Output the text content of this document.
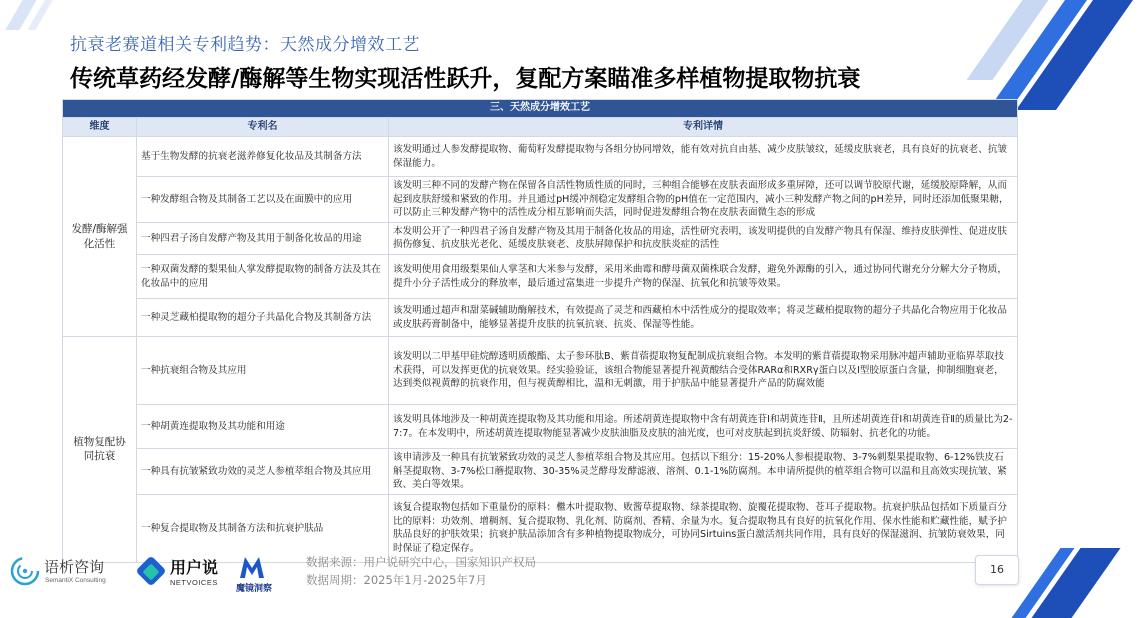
抗衰老赛道相关专利趋势：天然成分增效工艺
传统草药经发酵/酶解等生物实现活性跃升，复配方案瞄准多样植物提取物抗衰
三、天然成分增效工艺		
维度	专利名	专利详情
发酵/酶解强化活性	基于生物发酵的抗衰老滋养修复化妆品及其制备方法	该发明通过人参发酵提取物、葡萄籽发酵提取物与各组分协同增效，能有效对抗自由基、减少皮肤皱纹，延缓皮肤衰老，具有良好的抗衰老、抗皱保湿能力。
	一种发酵组合物及其制备工艺以及在面膜中的应用	该发明三种不同的发酵产物在保留各自活性物质性质的同时，三种组合能够在皮肤表面形成多重屏障，还可以调节胶原代谢，延缓胶原降解，从而起到皮肤舒缓和紧致的作用。并且通过pH缓冲剂稳定发酵组合物的pH值在一定范围内，减小三种发酵产物之间的pH差异，同时还添加低聚果糖，可以防止三种发酵产物中的活性成分相互影响而失活，同时促进发酵组合物在皮肤表面微生态的形成
	一种四君子汤自发酵产物及其用于制备化妆品的用途	本发明公开了一种四君子汤自发酵产物及其用于制备化妆品的用途，活性研究表明，该发明提供的自发酵产物具有保湿、维持皮肤弹性、促进皮肤损伤修复、抗皮肤光老化、延缓皮肤衰老、皮肤屏障保护和抗皮肤炎症的活性
	一种双菌发酵的梨果仙人掌发酵提取物的制备方法及其在化妆品中的应用	该发明使用食用级梨果仙人掌茎和大米参与发酵，采用米曲霉和酵母菌双菌株联合发酵，避免外源酶的引入，通过协同代谢充分分解大分子物质，提升小分子活性成分的释放率，最后通过富集进一步提升产物的保湿、抗氧化和抗皱等效果。
	一种灵芝藏柏提取物的超分子共晶化合物及其制备方法	该发明通过超声和甜菜碱辅助酶解技术，有效提高了灵芝和西藏柏木中活性成分的提取效率；将灵芝藏柏提取物的超分子共晶化合物应用于化妆品或皮肤药膏制备中，能够显著提升皮肤的抗氧抗衰、抗炎、保湿等性能。
植物复配协同抗衰	一种抗衰组合物及其应用	该发明以二甲基甲硅烷醇透明质酸酯、太子参环肽B、紫苜蓿提取物复配制成抗衰组合物。本发明的紫苜蓿提取物采用脉冲超声辅助亚临界萃取技术获得，可以发挥更优的抗衰效果。经实验验证，该组合物能显著提升视黄酸结合受体RARα和RXRγ蛋白以及Ⅰ型胶原蛋白含量，抑制细胞衰老，达到类似视黄醇的抗衰作用，但与视黄醇相比，温和无刺激，用于护肤品中能显著提升产品的防腐效能
	一种胡黄连提取物及其功能和用途	该发明具体地涉及一种胡黄连提取物及其功能和用途。所述胡黄连提取物中含有胡黄连苷Ⅰ和胡黄连苷Ⅱ，且所述胡黄连苷Ⅰ和胡黄连苷Ⅱ的质量比为2-7:7。在本发明中，所述胡黄连提取物能显著减少皮肤油脂及皮肤的油光度，也可对皮肤起到抗炎舒缓、防辐射、抗老化的功能。
	一种具有抗皱紧致功效的灵芝人参植萃组合物及其应用	该申请涉及一种具有抗皱紧致功效的灵芝人参植萃组合物及其应用。包括以下组分：15-20%人参根提取物、3-7%刺梨果提取物、6-12%铁皮石斛茎提取物、3-7%松口蘑提取物、30-35%灵芝酵母发酵滤液、溶剂、0.1-1%防腐剂。本申请所提供的植萃组合物可以温和且高效实现抗皱、紧致、美白等效果。
	一种复合提取物及其制备方法和抗衰护肤品	该复合提取物包括如下重量份的原料：檵木叶提取物、败酱草提取物、绿茶提取物、旋覆花提取物、苍耳子提取物。抗衰护肤品包括如下质量百分比的原料：功效剂、增稠剂、复合提取物、乳化剂、防腐剂、香精、余量为水。复合提取物具有良好的抗氧化作用、保水性能和贮藏性能，赋予护肤品良好的护肤效果；抗衰护肤品添加含有多种植物提取物成分，可协同Sirtuins蛋白激活剂共同作用，具有良好的保湿滋润、抗皱防衰效果，同时保证了稳定保存。
语析咨询
SemantiX Consulting
用户说
NETVOICES
魔镜洞察
数据来源：用户说研究中心，国家知识产权局
数据周期：2025年1月-2025年7月
16
